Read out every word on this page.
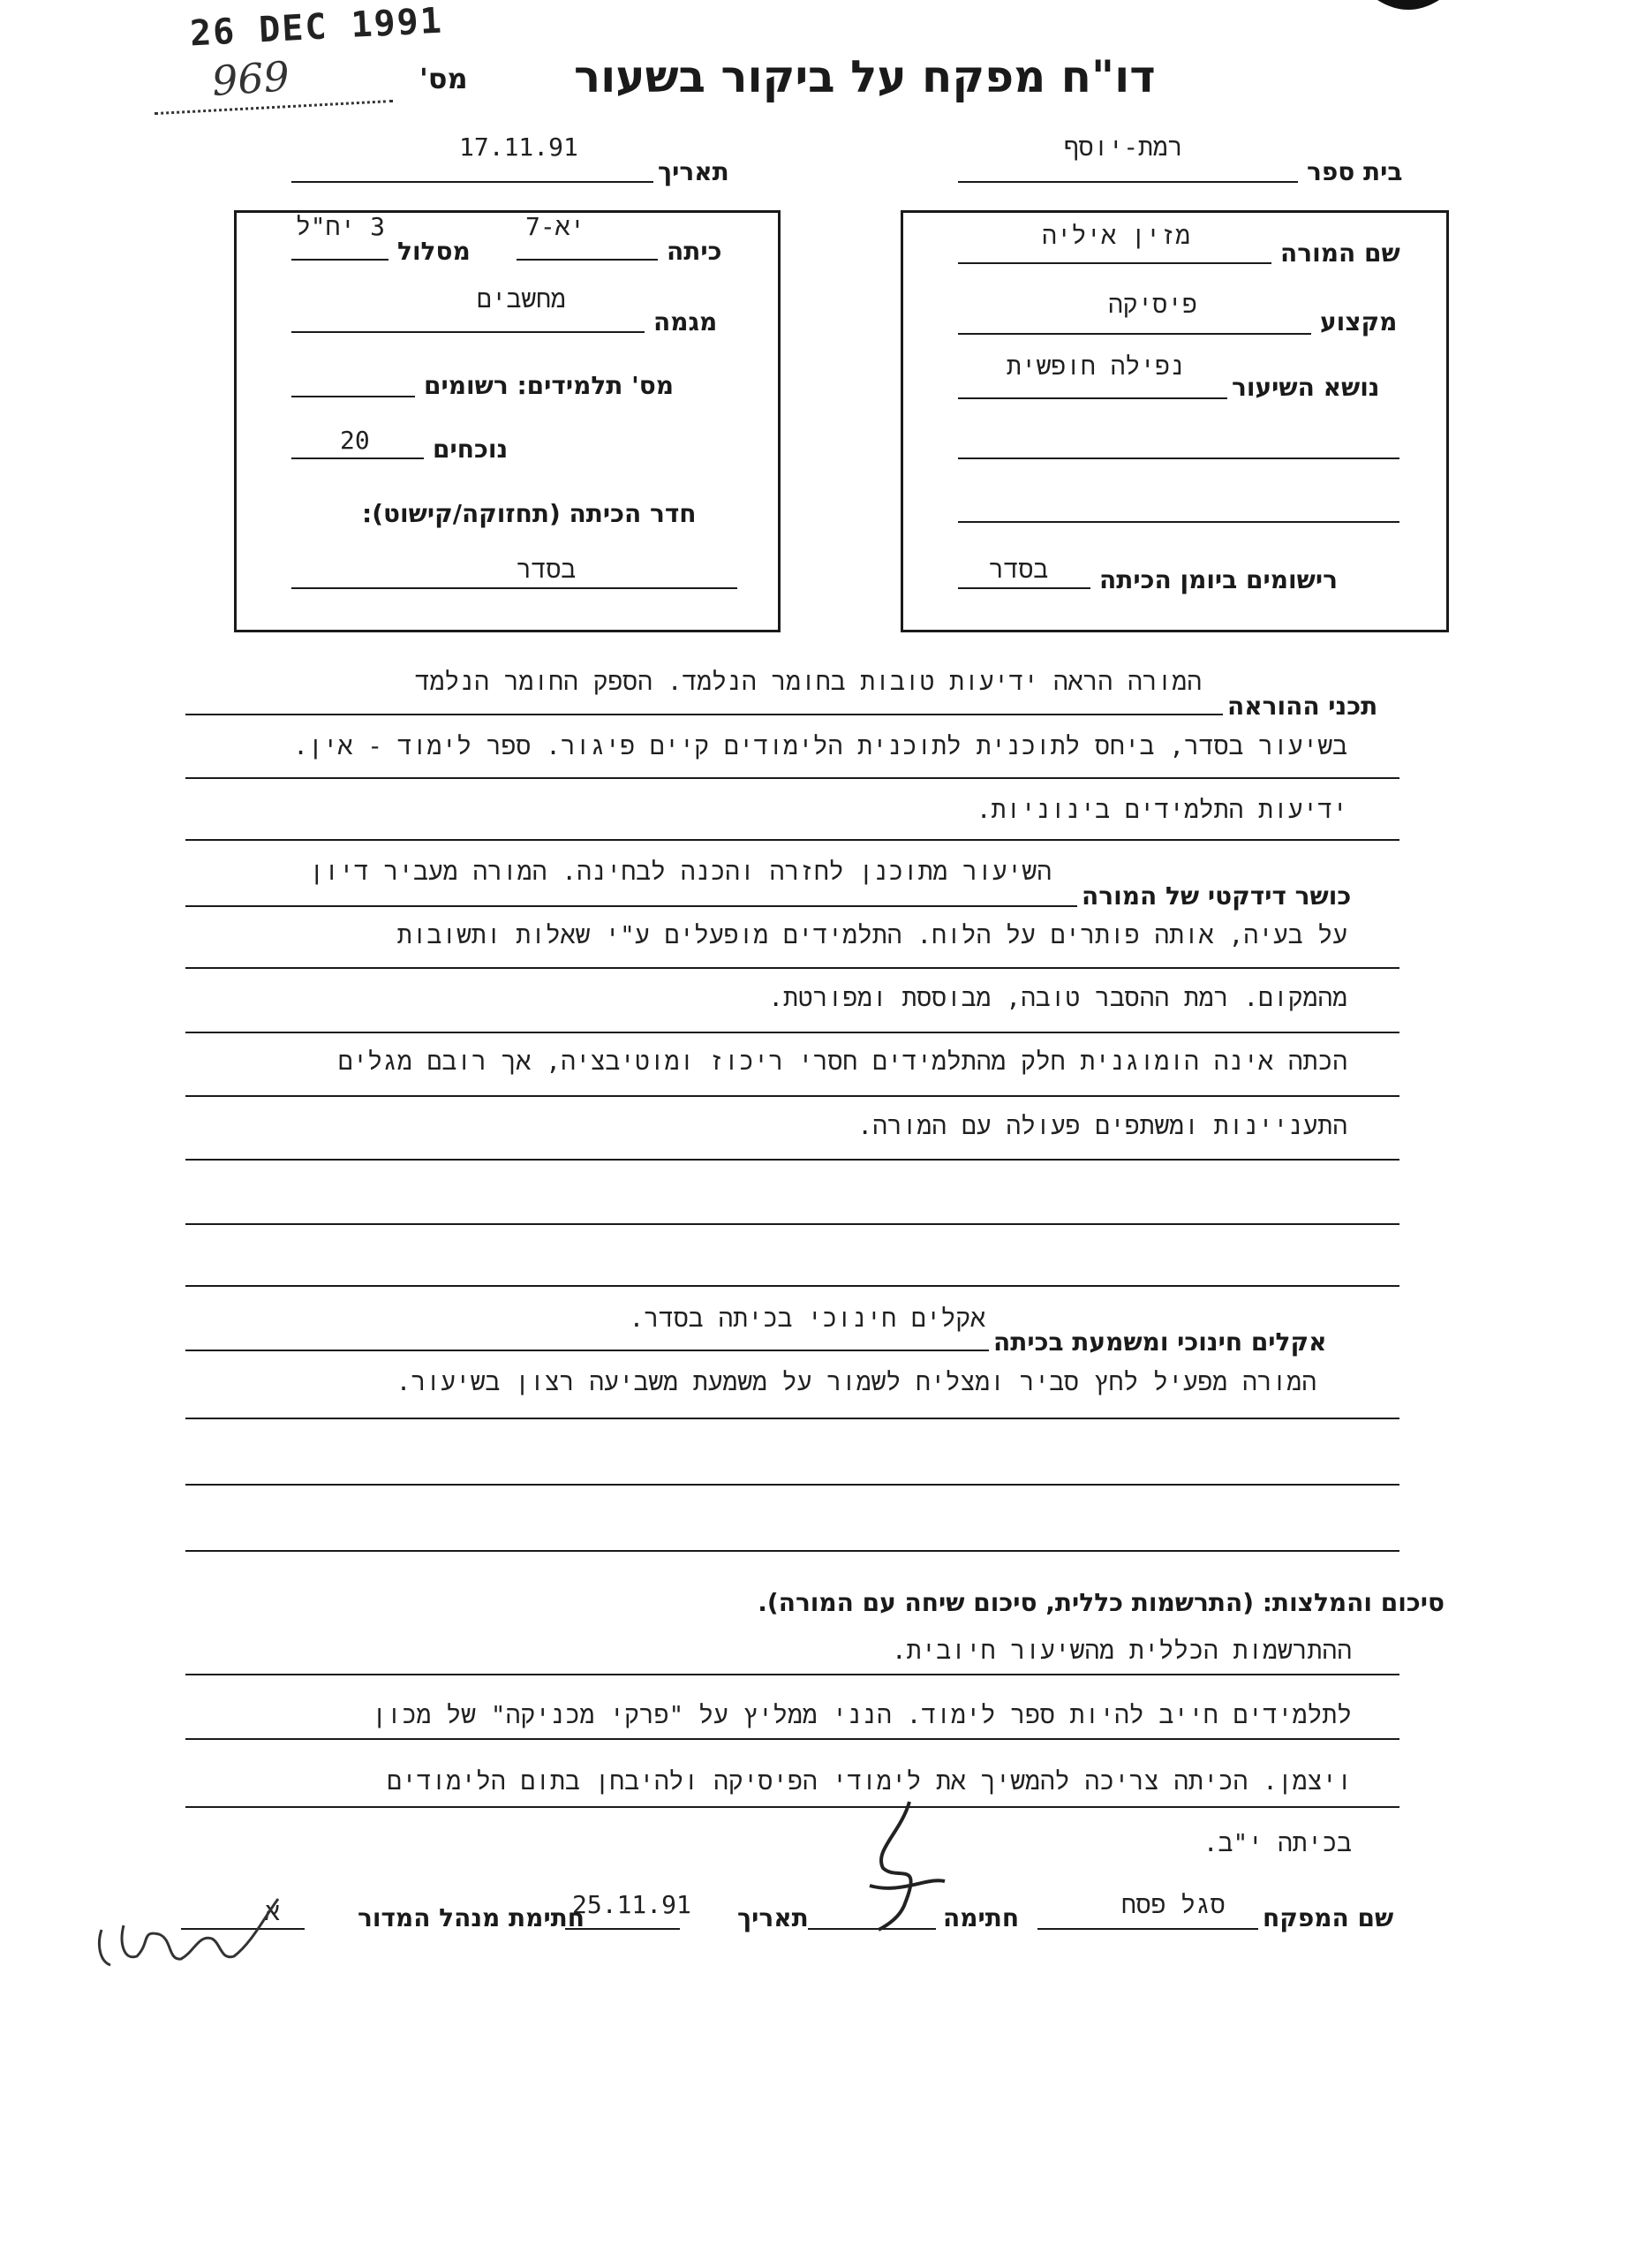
26 DEC 1991
969	מס' דו"ח מפקח על ביקור בשעור
רמת-יוסף
בית ספר
17.11.91
תאריך
יא-7
כיתה
3 יח"ל
מסלול
מחשבים
מגמה
מס' תלמידים: רשומים
20	נוכחים
חדר הכיתה (תחזוקה/קישוט):
בסדר
מזין איליה
שם המורה
פיסיקה
מקצוע
נפילה חופשית
נושא השיעור
בסדר רישומים ביומן הכיתה
תכני ההוראה
המורה הראה ידיעות טובות בחומר הנלמד. הספק החומר הנלמד
בשיעור בסדר, ביחס לתוכנית לתוכנית הלימודים קיים פיגור. ספר לימוד - אין.
ידיעות התלמידים בינוניות.
כושר דידקטי של המורה
השיעור מתוכנן לחזרה והכנה לבחינה. המורה מעביר דיון
על בעיה, אותה פותרים על הלוח. התלמידים מופעלים ע"י שאלות ותשובות
מהמקום. רמת ההסבר טובה, מבוססת ומפורטת.
הכתה אינה הומוגנית חלק מהתלמידים חסרי ריכוז ומוטיבציה, אך רובם מגלים
התעניינות ומשתפים פעולה עם המורה.
אקלים חינוכי ומשמעת בכיתה
אקלים חינוכי בכיתה בסדר.
המורה מפעיל לחץ סביר ומצליח לשמור על משמעת משביעה רצון בשיעור.
סיכום והמלצות: (התרשמות כללית, סיכום שיחה עם המורה).
ההתרשמות הכללית מהשיעור חיובית.
לתלמידים חייב להיות ספר לימוד. הנני ממליץ על "פרקי מכניקה" של מכון
ויצמן. הכיתה צריכה להמשיך את לימודי הפיסיקה ולהיבחן בתום הלימודים
בכיתה י"ב.
שם המפקח
סגל פסח
חתימה
תאריך
25.11.91
חתימת מנהל המדור
א
